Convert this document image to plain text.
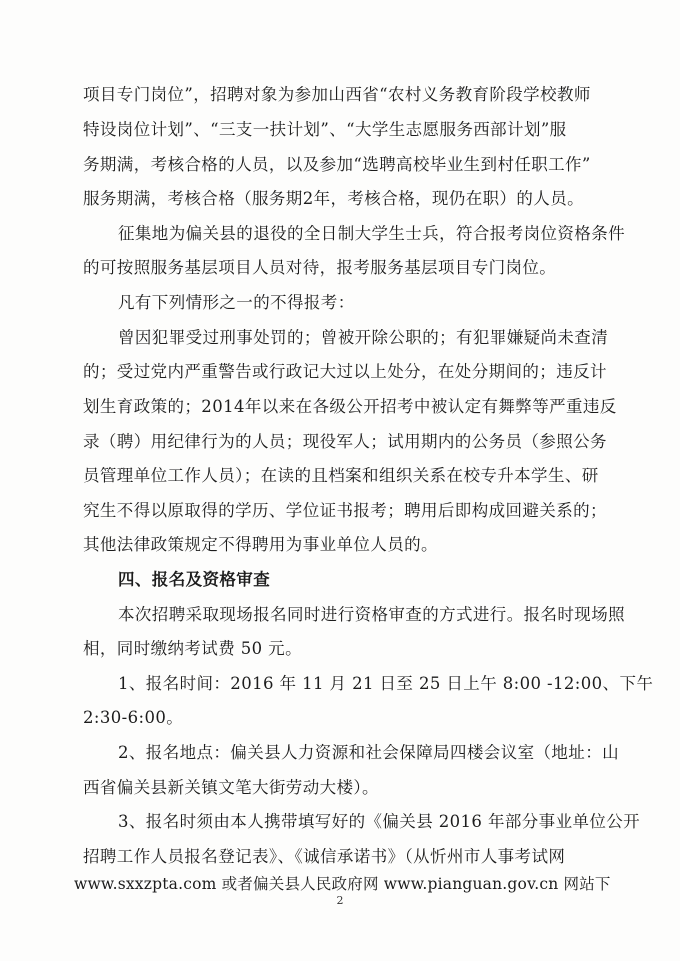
项目专门岗位”，招聘对象为参加山西省“农村义务教育阶段学校教师

特设岗位计划”、“三支一扶计划”、“大学生志愿服务西部计划”服

务期满，考核合格的人员，以及参加“选聘高校毕业生到村任职工作”

服务期满，考核合格（服务期2年，考核合格，现仍在职）的人员。

征集地为偏关县的退役的全日制大学生士兵，符合报考岗位资格条件

的可按照服务基层项目人员对待，报考服务基层项目专门岗位。

凡有下列情形之一的不得报考：

曾因犯罪受过刑事处罚的；曾被开除公职的；有犯罪嫌疑尚未查清

的；受过党内严重警告或行政记大过以上处分，在处分期间的；违反计

划生育政策的；2014年以来在各级公开招考中被认定有舞弊等严重违反

录（聘）用纪律行为的人员；现役军人；试用期内的公务员（参照公务

员管理单位工作人员）；在读的且档案和组织关系在校专升本学生、研

究生不得以原取得的学历、学位证书报考；聘用后即构成回避关系的；

其他法律政策规定不得聘用为事业单位人员的。

四、报名及资格审查

本次招聘采取现场报名同时进行资格审查的方式进行。报名时现场照

相，同时缴纳考试费 50 元。

1、报名时间：2016 年 11 月 21 日至 25 日上午 8:00 -12:00、下午

2:30-6:00。

2、报名地点：偏关县人力资源和社会保障局四楼会议室（地址：山

西省偏关县新关镇文笔大街劳动大楼）。

3、报名时须由本人携带填写好的《偏关县 2016 年部分事业单位公开

招聘工作人员报名登记表》、《诚信承诺书》（从忻州市人事考试网

www.sxxzpta.com 或者偏关县人民政府网 www.pianguan.gov.cn 网站下

2
